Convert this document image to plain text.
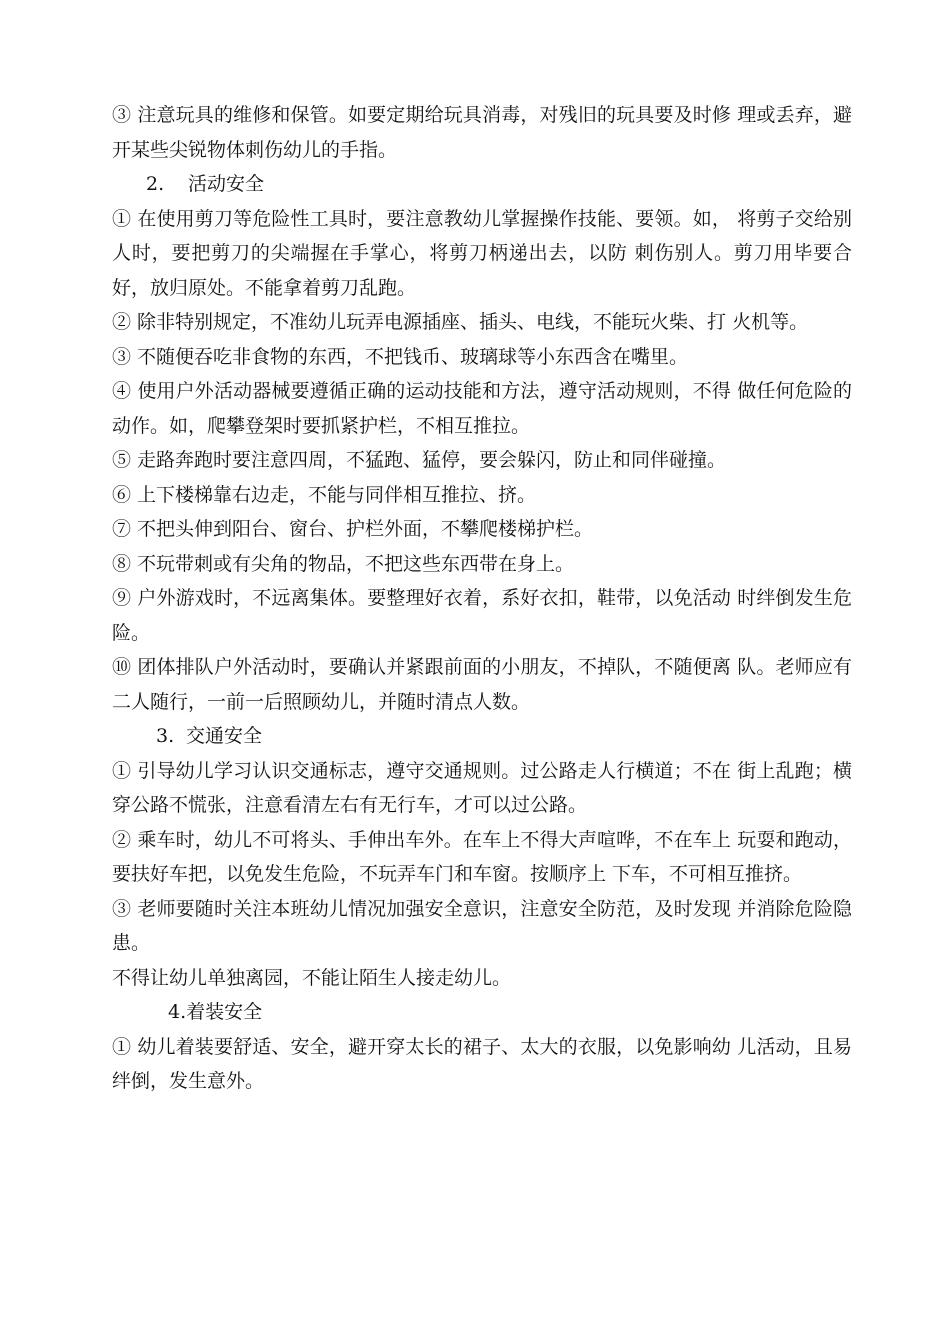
③ 注意玩具的维修和保管。如要定期给玩具消毒，对残旧的玩具要及时修 理或丢弃，避开某些尖锐物体刺伤幼儿的手指。

2. 活动安全

① 在使用剪刀等危险性工具时，要注意教幼儿掌握操作技能、要领。如， 将剪子交给别人时，要把剪刀的尖端握在手掌心，将剪刀柄递出去，以防 刺伤别人。剪刀用毕要合好，放归原处。不能拿着剪刀乱跑。

② 除非特别规定，不准幼儿玩弄电源插座、插头、电线，不能玩火柴、打 火机等。

③ 不随便吞吃非食物的东西，不把钱币、玻璃球等小东西含在嘴里。

④ 使用户外活动器械要遵循正确的运动技能和方法，遵守活动规则，不得 做任何危险的动作。如，爬攀登架时要抓紧护栏，不相互推拉。

⑤ 走路奔跑时要注意四周，不猛跑、猛停，要会躲闪，防止和同伴碰撞。

⑥ 上下楼梯靠右边走，不能与同伴相互推拉、挤。

⑦ 不把头伸到阳台、窗台、护栏外面，不攀爬楼梯护栏。

⑧ 不玩带刺或有尖角的物品，不把这些东西带在身上。

⑨ 户外游戏时，不远离集体。要整理好衣着，系好衣扣，鞋带，以免活动 时绊倒发生危险。

⑩ 团体排队户外活动时，要确认并紧跟前面的小朋友，不掉队，不随便离 队。老师应有二人随行，一前一后照顾幼儿，并随时清点人数。

3. 交通安全

① 引导幼儿学习认识交通标志，遵守交通规则。过公路走人行横道；不在 街上乱跑；横穿公路不慌张，注意看清左右有无行车，才可以过公路。

② 乘车时，幼儿不可将头、手伸出车外。在车上不得大声喧哗，不在车上 玩耍和跑动，要扶好车把，以免发生危险，不玩弄车门和车窗。按顺序上 下车，不可相互推挤。

③ 老师要随时关注本班幼儿情况加强安全意识，注意安全防范，及时发现 并消除危险隐患。

不得让幼儿单独离园，不能让陌生人接走幼儿。

4.着装安全

① 幼儿着装要舒适、安全，避开穿太长的裙子、太大的衣服，以免影响幼 儿活动，且易绊倒，发生意外。
